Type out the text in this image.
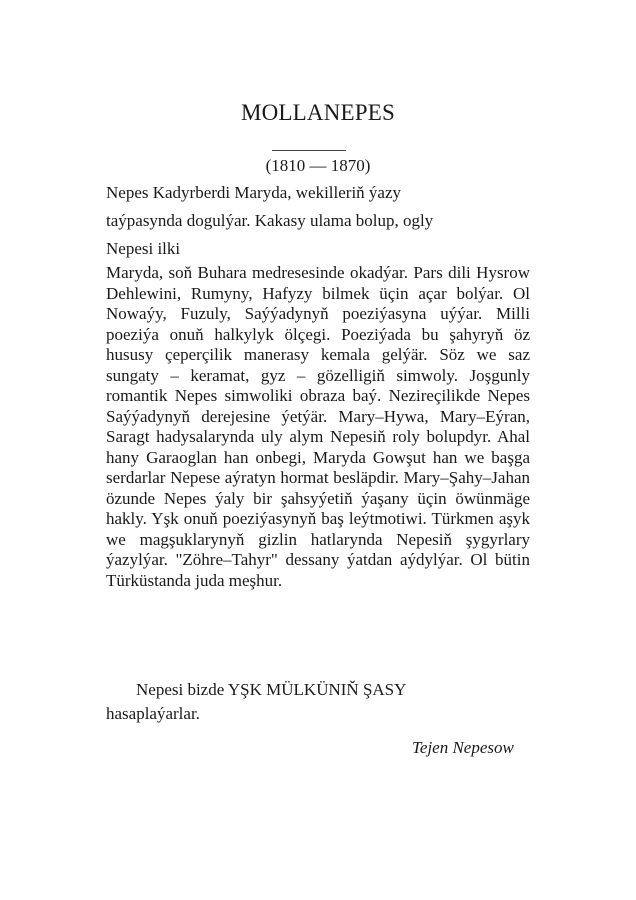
MOLLANEPES
(1810 — 1870)
Nepes Kadyrberdi Maryda, wekilleriň ýazy
taýpasynda dogulýar. Kakasy ulama bolup, ogly
Nepesi ilki
Maryda, soň Buhara medresesinde okadýar. Pars dili Hysrow Dehlewini, Rumyny, Hafyzy bilmek üçin açar bolýar. Ol Nowaýy, Fuzuly, Saýýadynyň poeziýasyna uýýar. Milli poeziýa onuň halkylyk ölçegi. Poeziýada bu şahyryň öz hususy çeperçilik manerasy kemala gelýär. Söz we saz sungaty – keramat, gyz – gözelligiň simwoly. Joşgunly romantik Nepes simwoliki obraza baý. Nezireçilikde Nepes Saýýadynyň derejesine ýetýär. Mary–Hywa, Mary–Eýran, Saragt hadysalarynda uly alym Nepesiň roly bolupdyr. Ahal hany Garaoglan han onbegi, Maryda Gowşut han we başga serdarlar Nepese aýratyn hormat besläpdir. Mary–Şahy–Jahan özunde Nepes ýaly bir şahsyýetiň ýaşany üçin öwünmäge hakly. Yşk onuň poeziýasynyň baş leýtmotiwi. Türkmen aşyk we magşuklarynyň gizlin hatlarynda Nepesiň şygyrlary ýazylýar. "Zöhre–Tahyr" dessany ýatdan aýdylýar. Ol bütin Türküstanda juda meşhur.
Nepesi bizde YŞK MÜLKÜNIŇ ŞASY
hasaplaýarlar.
Tejen Nepesow
